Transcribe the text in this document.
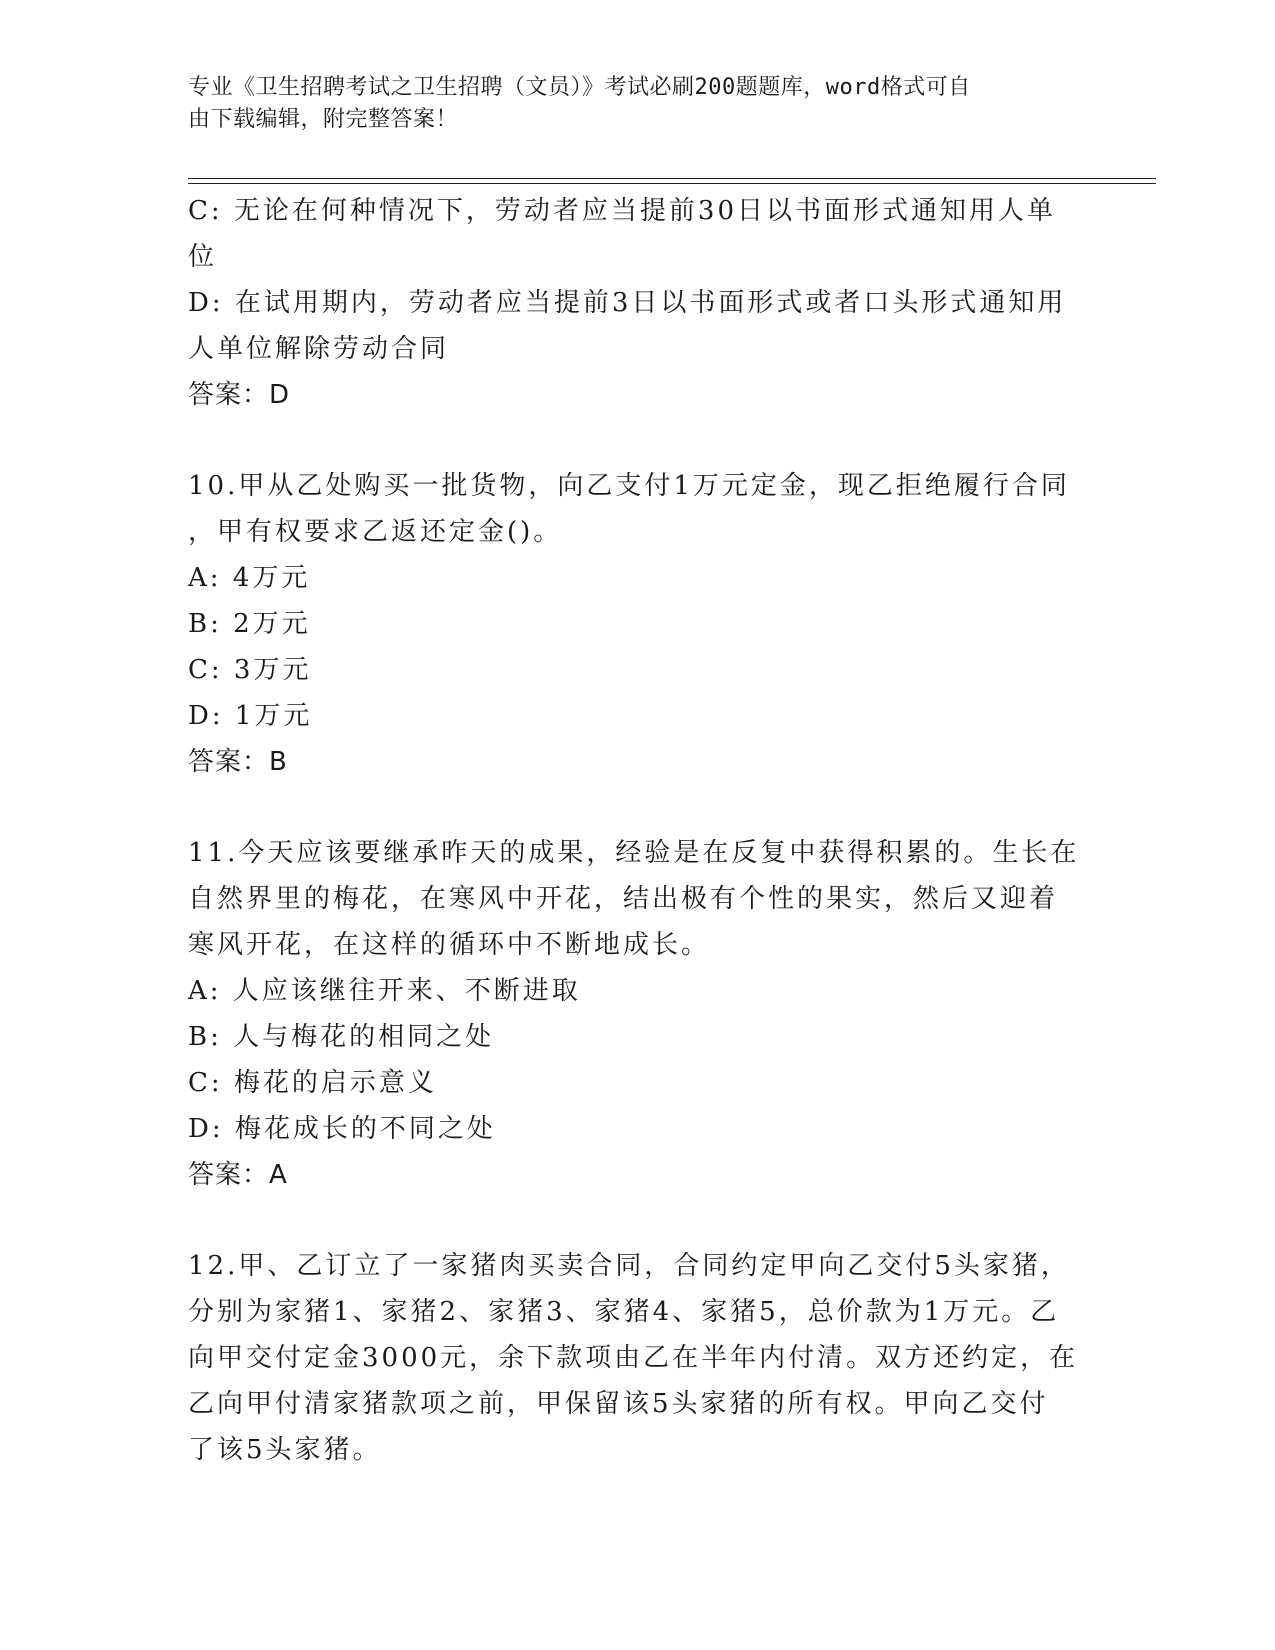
专业《卫生招聘考试之卫生招聘（文员）》考试必刷200题题库，word格式可自
由下载编辑，附完整答案！
C: 无论在何种情况下，劳动者应当提前30日以书面形式通知用人单
位
D: 在试用期内，劳动者应当提前3日以书面形式或者口头形式通知用
人单位解除劳动合同
答案：D
10.甲从乙处购买一批货物，向乙支付1万元定金，现乙拒绝履行合同
，甲有权要求乙返还定金()。
A: 4万元
B: 2万元
C: 3万元
D: 1万元
答案：B
11.今天应该要继承昨天的成果，经验是在反复中获得积累的。生长在
自然界里的梅花，在寒风中开花，结出极有个性的果实，然后又迎着
寒风开花，在这样的循环中不断地成长。
A: 人应该继往开来、不断进取
B: 人与梅花的相同之处
C: 梅花的启示意义
D: 梅花成长的不同之处
答案：A
12.甲、乙订立了一家猪肉买卖合同，合同约定甲向乙交付5头家猪，
分别为家猪1、家猪2、家猪3、家猪4、家猪5，总价款为1万元。乙
向甲交付定金3000元，余下款项由乙在半年内付清。双方还约定，在
乙向甲付清家猪款项之前，甲保留该5头家猪的所有权。甲向乙交付
了该5头家猪。
